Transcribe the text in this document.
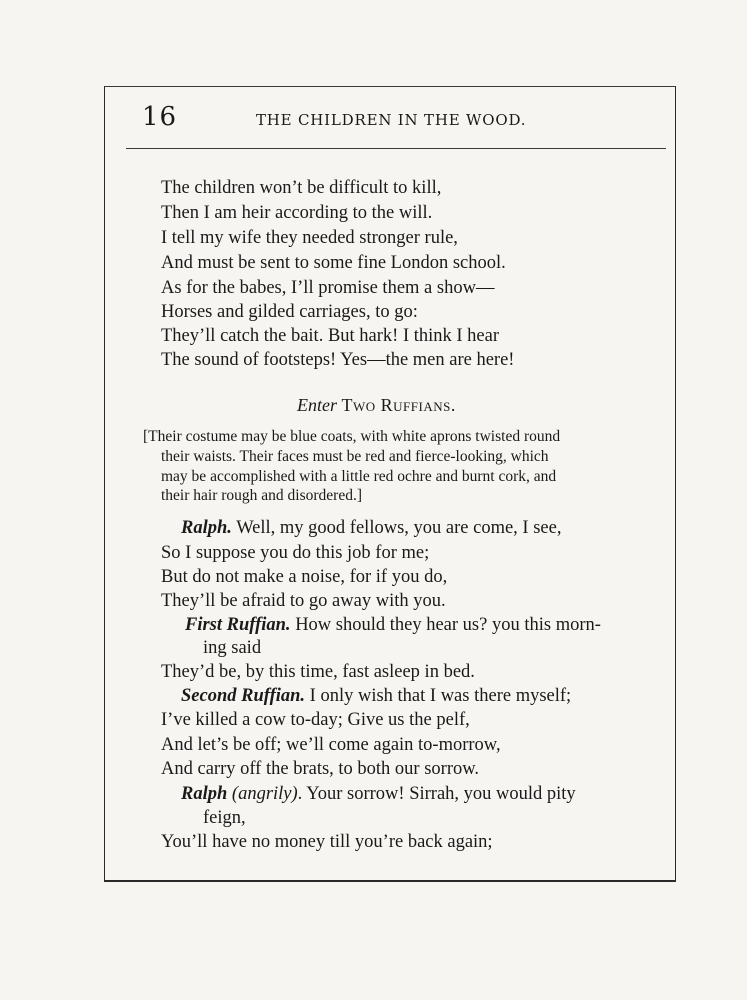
16	THE CHILDREN IN THE WOOD.
The children won’t be difficult to kill,
Then I am heir according to the will.
I tell my wife they needed stronger rule,
And must be sent to some fine London school.
As for the babes, I’ll promise them a show—
Horses and gilded carriages, to go:
They’ll catch the bait. But hark! I think I hear
The sound of footsteps! Yes—the men are here!
Enter Two Ruffians.
[Their costume may be blue coats, with white aprons twisted round
their waists. Their faces must be red and fierce-looking, which
may be accomplished with a little red ochre and burnt cork, and
their hair rough and disordered.]
Ralph. Well, my good fellows, you are come, I see,
So I suppose you do this job for me;
But do not make a noise, for if you do,
They’ll be afraid to go away with you.
First Ruffian. How should they hear us? you this morn-
ing said
They’d be, by this time, fast asleep in bed.
Second Ruffian. I only wish that I was there myself;
I’ve killed a cow to-day; Give us the pelf,
And let’s be off; we’ll come again to-morrow,
And carry off the brats, to both our sorrow.
Ralph (angrily). Your sorrow! Sirrah, you would pity
feign,
You’ll have no money till you’re back again;
